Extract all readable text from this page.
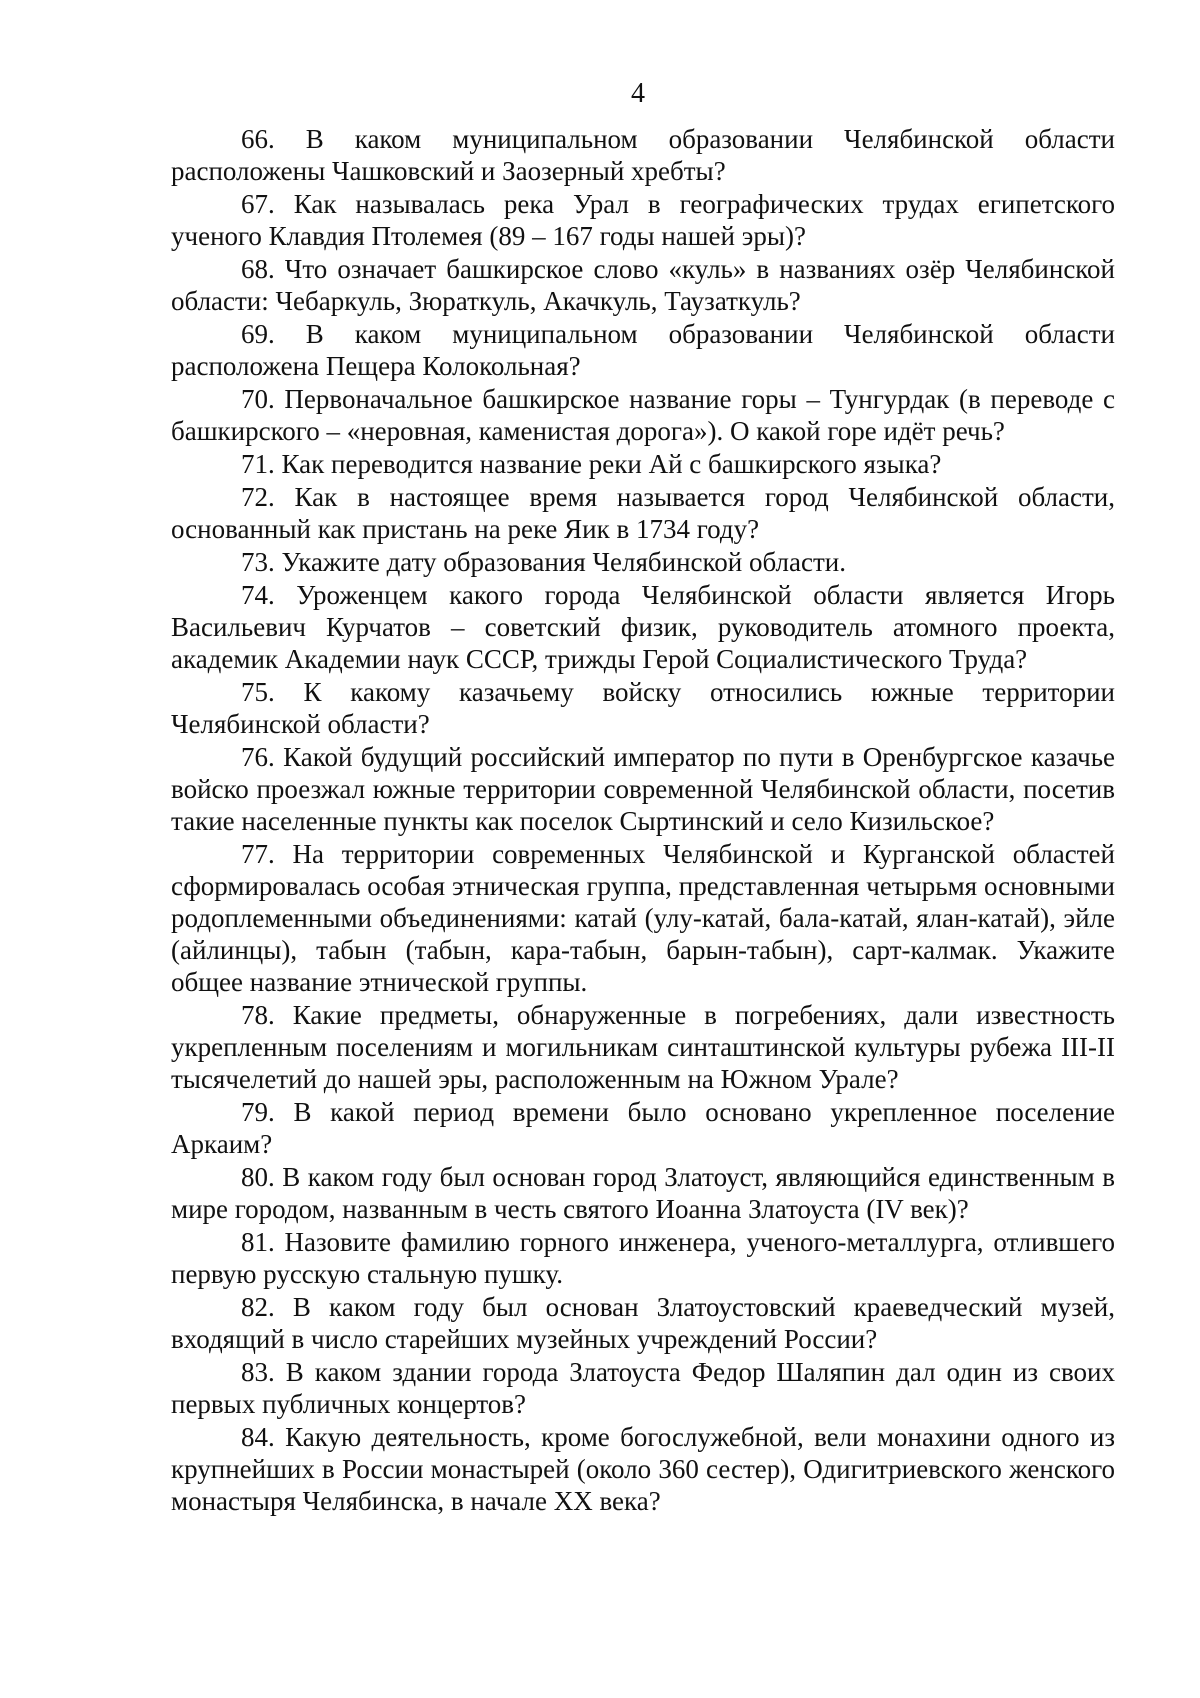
4

66. В каком муниципальном образовании Челябинской области расположены Чашковский и Заозерный хребты?

67. Как называлась река Урал в географических трудах египетского ученого Клавдия Птолемея (89 – 167 годы нашей эры)?

68. Что означает башкирское слово «куль» в названиях озёр Челябинской области: Чебаркуль, Зюраткуль, Акачкуль, Таузаткуль?

69. В каком муниципальном образовании Челябинской области расположена Пещера Колокольная?

70. Первоначальное башкирское название горы – Тунгурдак (в переводе с башкирского – «неровная, каменистая дорога»). О какой горе идёт речь?

71. Как переводится название реки Ай с башкирского языка?

72. Как в настоящее время называется город Челябинской области, основанный как пристань на реке Яик в 1734 году?

73. Укажите дату образования Челябинской области.

74. Уроженцем какого города Челябинской области является Игорь Васильевич Курчатов – советский физик, руководитель атомного проекта, академик Академии наук СССР, трижды Герой Социалистического Труда?

75. К какому казачьему войску относились южные территории Челябинской области?

76. Какой будущий российский император по пути в Оренбургское казачье войско проезжал южные территории современной Челябинской области, посетив такие населенные пункты как поселок Сыртинский и село Кизильское?

77. На территории современных Челябинской и Курганской областей сформировалась особая этническая группа, представленная четырьмя основными родоплеменными объединениями: катай (улу-катай, бала-катай, ялан-катай), эйле (айлинцы), табын (табын, кара-табын, барын-табын), сарт-калмак. Укажите общее название этнической группы.

78. Какие предметы, обнаруженные в погребениях, дали известность укрепленным поселениям и могильникам синташтинской культуры рубежа III-II тысячелетий до нашей эры, расположенным на Южном Урале?

79. В какой период времени было основано укрепленное поселение Аркаим?

80. В каком году был основан город Златоуст, являющийся единственным в мире городом, названным в честь святого Иоанна Златоуста (IV век)?

81. Назовите фамилию горного инженера, ученого-металлурга, отлившего первую русскую стальную пушку.

82. В каком году был основан Златоустовский краеведческий музей, входящий в число старейших музейных учреждений России?

83. В каком здании города Златоуста Федор Шаляпин дал один из своих первых публичных концертов?

84. Какую деятельность, кроме богослужебной, вели монахини одного из крупнейших в России монастырей (около 360 сестер), Одигитриевского женского монастыря Челябинска, в начале XX века?
